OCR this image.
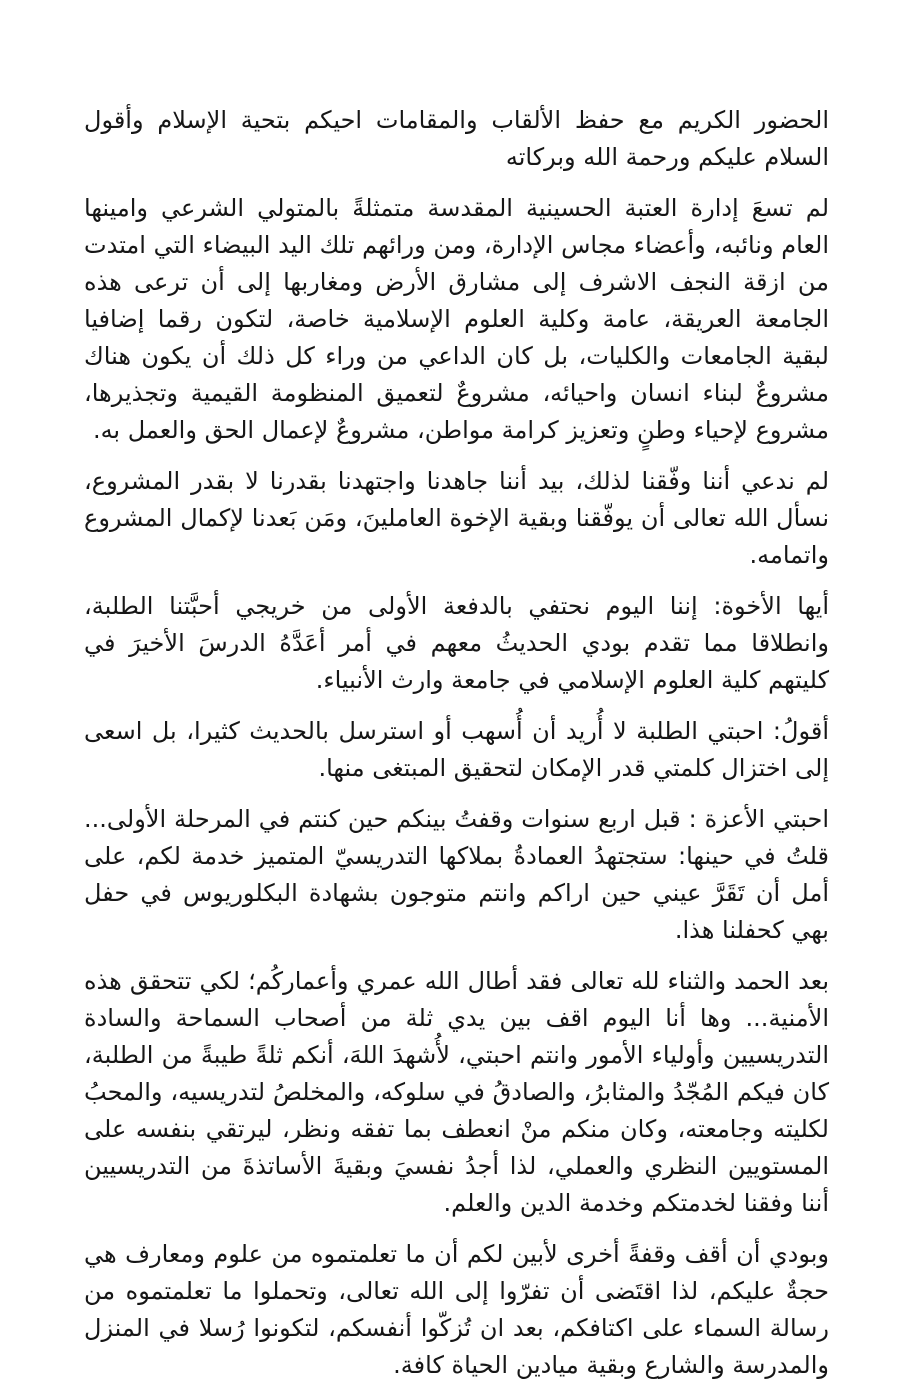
الحضور الكريم مع حفظ الألقاب والمقامات احيكم بتحية الإسلام وأقول السلام عليكم ورحمة الله وبركاته

لم تسعَ إدارة العتبة الحسينية المقدسة متمثلةً بالمتولي الشرعي وامينها العام ونائبه، وأعضاء مجاس الإدارة، ومن ورائهم تلك اليد البيضاء التي امتدت من ازقة النجف الاشرف إلى مشارق الأرض ومغاربها إلى أن ترعى هذه الجامعة العريقة، عامة وكلية العلوم الإسلامية خاصة، لتكون رقما إضافيا لبقية الجامعات والكليات، بل كان الداعي من وراء كل ذلك أن يكون هناك مشروعٌ لبناء انسان واحيائه، مشروعٌ لتعميق المنظومة القيمية وتجذيرها، مشروع لإحياء وطنٍ وتعزيز كرامة مواطن، مشروعٌ لإعمال الحق والعمل به.

لم ندعي أننا وفّقنا لذلك، بيد أننا جاهدنا واجتهدنا بقدرنا لا بقدر المشروع، نسأل الله تعالى أن يوفّقنا وبقية الإخوة العاملينَ، ومَن بَعدنا لإكمال المشروع واتمامه.

أيها الأخوة: إننا اليوم نحتفي بالدفعة الأولى من خريجي أحبَّتنا الطلبة، وانطلاقا مما تقدم بودي الحديثُ معهم في أمر أعَدَّهُ الدرسَ الأخيرَ في كليتهم كلية العلوم الإسلامي في جامعة وارث الأنبياء.

أقولُ: احبتي الطلبة لا أُريد أن أُسهب أو استرسل بالحديث كثيرا، بل اسعى إلى اختزال كلمتي قدر الإمكان لتحقيق المبتغى منها.

احبتي الأعزة : قبل اربع سنوات وقفتُ بينكم حين كنتم في المرحلة الأولى... قلتُ في حينها: ستجتهدُ العمادةُ بملاكها التدريسيّ المتميز خدمة لكم، على أمل أن تَقَرَّ عيني حين اراكم وانتم متوجون بشهادة البكلوريوس في حفل بهي كحفلنا هذا.

بعد الحمد والثناء لله تعالى فقد أطال الله عمري وأعماركُم؛ لكي تتحقق هذه الأمنية... وها أنا اليوم اقف بين يدي ثلة من أصحاب السماحة والسادة التدريسيين وأولياء الأمور وانتم احبتي، لأُشهدَ اللهَ، أنكم ثلةً طيبةً من الطلبة، كان فيكم المُجّدُ والمثابرُ، والصادقُ في سلوكه، والمخلصُ لتدريسيه، والمحبُ لكليته وجامعته، وكان منكم منْ انعطف بما تفقه ونظر، ليرتقي بنفسه على المستويين النظري والعملي، لذا أجدُ نفسيَ وبقيةَ الأساتذةَ من التدريسيين أننا وفقنا لخدمتكم وخدمة الدين والعلم.

وبودي أن أقف وقفةً أخرى لأبين لكم أن ما تعلمتموه من علوم ومعارف هي حجةٌ عليكم، لذا اقتَضى أن تفرّوا إلى الله تعالى، وتحملوا ما تعلمتموه من رسالة السماء على اكتافكم، بعد ان تُزكّوا أنفسكم، لتكونوا رُسلا في المنزل والمدرسة والشارع وبقية ميادين الحياة كافة.
